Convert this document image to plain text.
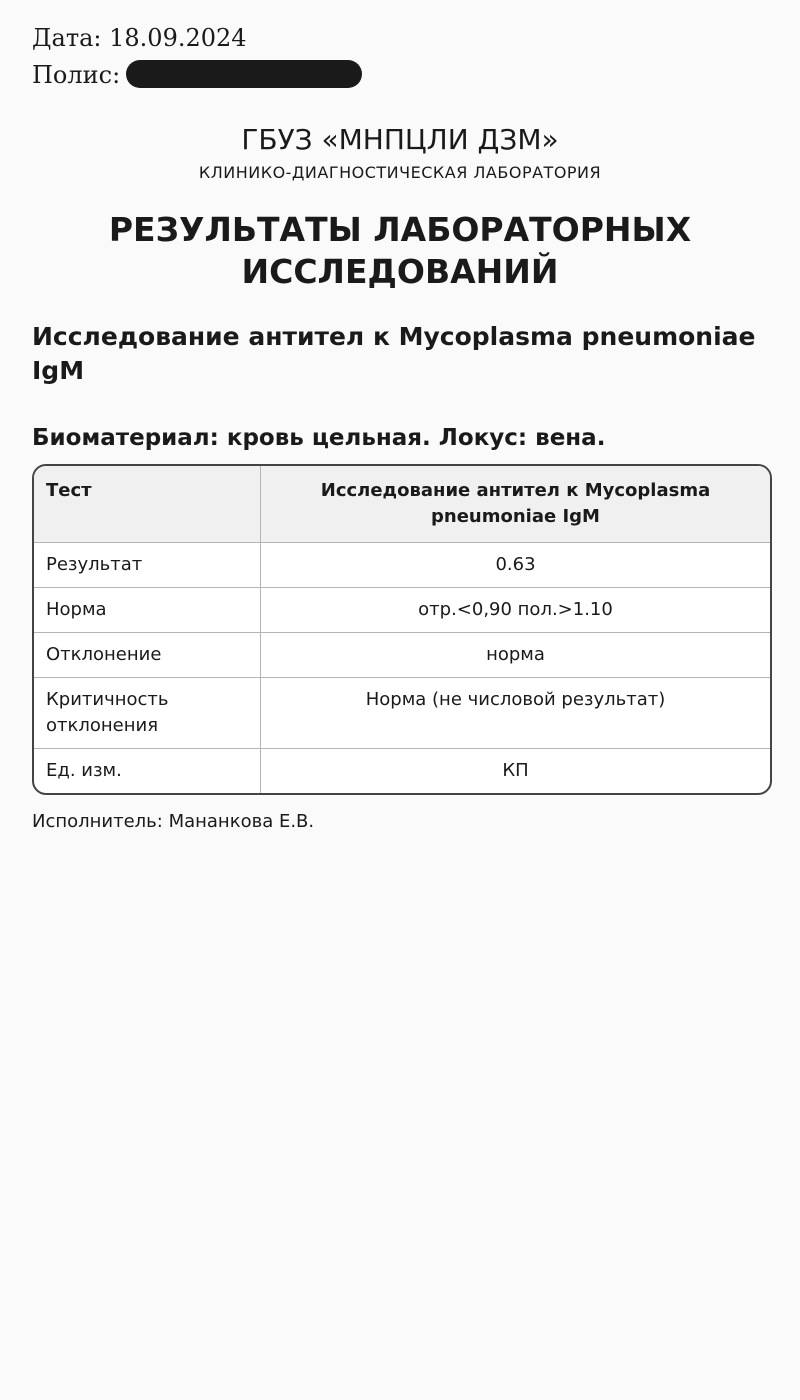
Дата: 18.09.2024
Полис:
ГБУЗ «МНПЦЛИ ДЗМ»
КЛИНИКО-ДИАГНОСТИЧЕСКАЯ ЛАБОРАТОРИЯ
РЕЗУЛЬТАТЫ ЛАБОРАТОРНЫХ ИССЛЕДОВАНИЙ
Исследование антител к Mycoplasma pneumoniae IgM
Биоматериал: кровь цельная. Локус: вена.
Тест	Исследование антител к Mycoplasma pneumoniae IgM
Результат	0.63
Норма	отр.<0,90 пол.>1.10
Отклонение	норма
Критичность отклонения	Норма (не числовой результат)
Ед. изм.	КП
Исполнитель: Мананкова Е.В.
